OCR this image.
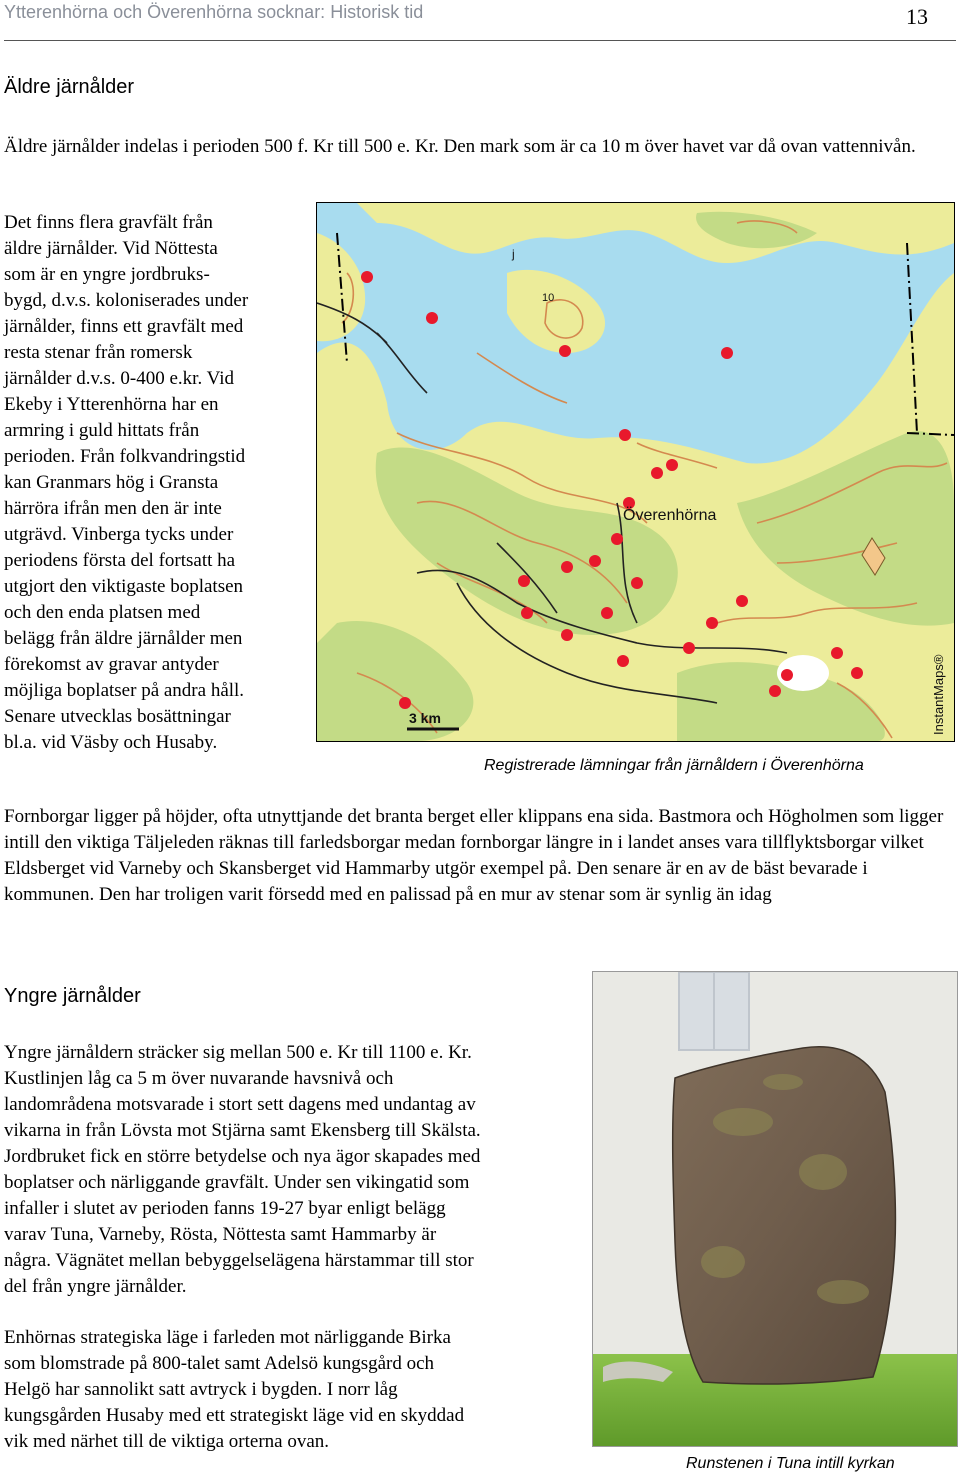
Ytterenhörna och Överenhörna socknar: Historisk tid	13
Äldre järnålder

Äldre järnålder indelas i perioden 500 f. Kr till 500 e. Kr. Den mark som är ca 10 m över havet var då ovan vattennivån.

Det finns flera gravfält från
äldre järnålder. Vid Nöttesta
som är en yngre jordbruks-
bygd, d.v.s. koloniserades under
järnålder, finns ett gravfält med
resta stenar från romersk
järnålder d.v.s. 0-400 e.kr. Vid
Ekeby i Ytterenhörna har en
armring i guld hittats från
perioden. Från folkvandringstid
kan Granmars hög i Gransta
härröra ifrån men den är inte
utgrävd. Vinberga tycks under
periodens första del fortsatt ha
utgjort den viktigaste boplatsen
och den enda platsen med
belägg från äldre järnålder men
förekomst av gravar antyder
möjliga boplatser på andra håll.
Senare utvecklas bosättningar
bl.a. vid Väsby och Husaby.
Överenhörna
3 km
10
j
InstantMaps®
Registrerade lämningar från järnåldern i Överenhörna

Fornborgar ligger på höjder, ofta utnyttjande det branta berget eller klippans ena sida. Bastmora och Högholmen som ligger intill den viktiga Täljeleden räknas till farledsborgar medan fornborgar längre in i landet anses vara tillflyktsborgar vilket Eldsberget vid Varneby och Skansberget vid Hammarby utgör exempel på. Den senare är en av de bäst bevarade i kommunen. Den har troligen varit försedd med en palissad på en mur av stenar som är synlig än idag

Yngre järnålder
Yngre järnåldern sträcker sig mellan 500 e. Kr till 1100 e. Kr.
Kustlinjen låg ca 5 m över nuvarande havsnivå och
landområdena motsvarade i stort sett dagens med undantag av
vikarna in från Lövsta mot Stjärna samt Ekensberg till Skälsta.
Jordbruket fick en större betydelse och nya ägor skapades med
boplatser och närliggande gravfält. Under sen vikingatid som
infaller i slutet av perioden fanns 19-27 byar enligt belägg
varav Tuna, Varneby, Rösta, Nöttesta samt Hammarby är
några. Vägnätet mellan bebyggelselägena härstammar till stor
del från yngre järnålder.
Enhörnas strategiska läge i farleden mot närliggande Birka
som blomstrade på 800-talet samt Adelsö kungsgård och
Helgö har sannolikt satt avtryck i bygden. I norr låg
kungsgården Husaby med ett strategiskt läge vid en skyddad
vik med närhet till de viktiga orterna ovan.
Runstenen i Tuna intill kyrkan
